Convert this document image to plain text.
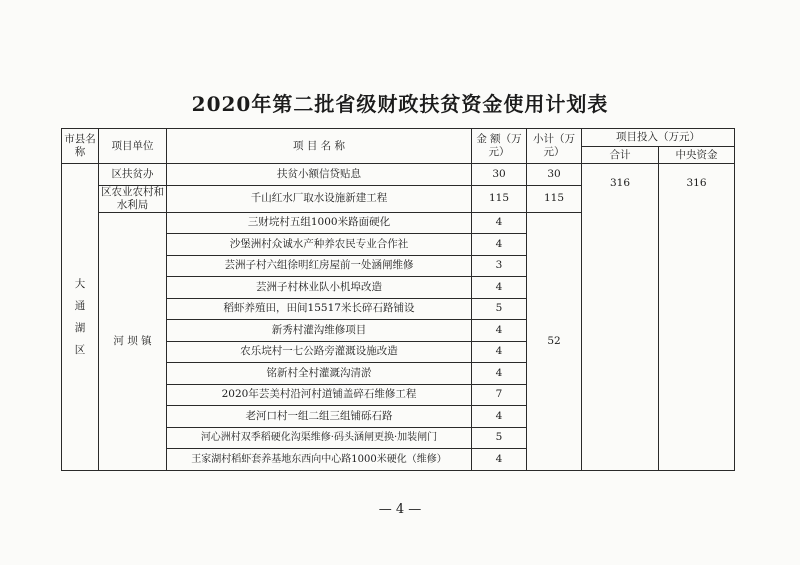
2020年第二批省级财政扶贫资金使用计划表
市县名称	项目单位	项 目 名 称	金 额（万元）	小计（万元）	项目投入（万元）	
					合计	中央资金

大
通
湖
区	区扶贫办	扶贫小额信贷贴息	30	30	316	316
	区农业农村和水利局	千山红水厂取水设施新建工程	115	115		
	河 坝 镇	三财垸村五组1000米路面硬化	4	52		
		沙堡洲村众诚水产种养农民专业合作社	4			
		芸洲子村六组徐明红房屋前一处涵闸维修	3			
		芸洲子村林业队小机埠改造	4			
		稻虾养殖田，田间15517米长碎石路铺设	5			
		新秀村灌沟维修项目	4			
		农乐垸村一七公路旁灌溉设施改造	4			
		铭新村全村灌溉沟清淤	4			
		2020年芸美村沿河村道铺盖碎石维修工程	7			
		老河口村一组二组三组铺砾石路	4			
		河心洲村双季稻硬化沟渠维修·码头涵闸更换·加装闸门	5			
		王家湖村稻虾套养基地东西向中心路1000米硬化（维修）	4			
— 4 —
